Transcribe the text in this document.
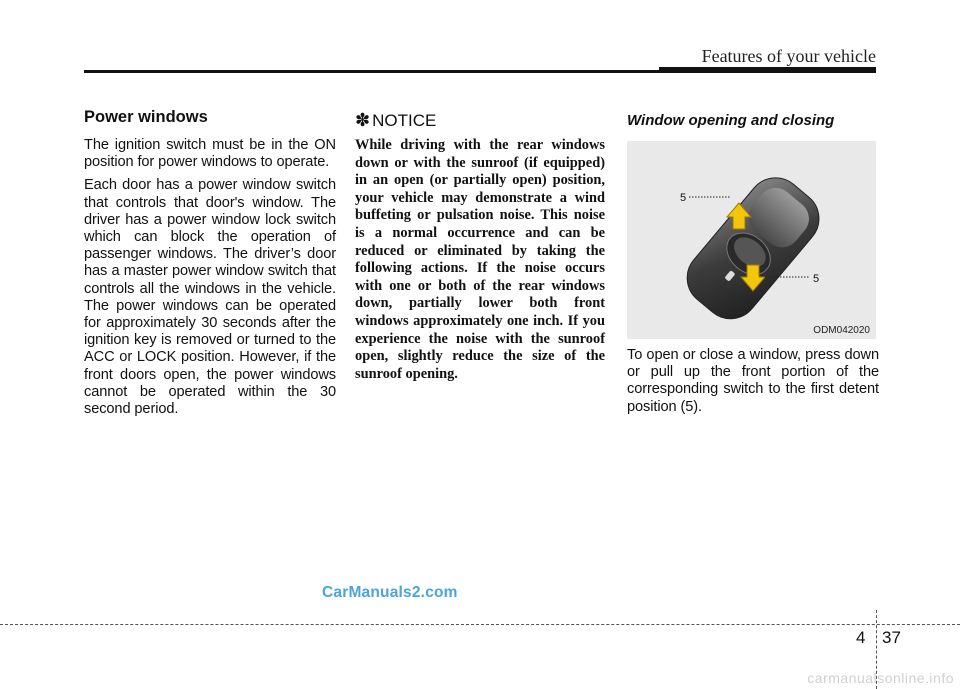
Features of your vehicle
Power windows

The ignition switch must be in the ON position for power windows to operate.

Each door has a power window switch that controls that door's window. The driver has a power window lock switch which can block the operation of passenger windows. The driver’s door has a master power window switch that controls all the windows in the vehicle. The power windows can be operated for approximately 30 seconds after the ignition key is removed or turned to the ACC or LOCK position. However, if the front doors open, the power windows cannot be operated within the 30 second period.

✽ NOTICE

While driving with the rear windows down or with the sunroof (if equipped) in an open (or partially open) position, your vehicle may demonstrate a wind buffeting or pulsation noise. This noise is a normal occurrence and can be reduced or eliminated by taking the following actions. If the noise occurs with one or both of the rear windows down, partially lower both front windows approximately one inch. If you experience the noise with the sunroof open, slightly reduce the size of the sunroof opening.

Window opening and closing
5
5
ODM042020

To open or close a window, press down or pull up the front portion of the corresponding switch to the first detent position (5).

CarManuals2.com
4 37
carmanualsonline.info
